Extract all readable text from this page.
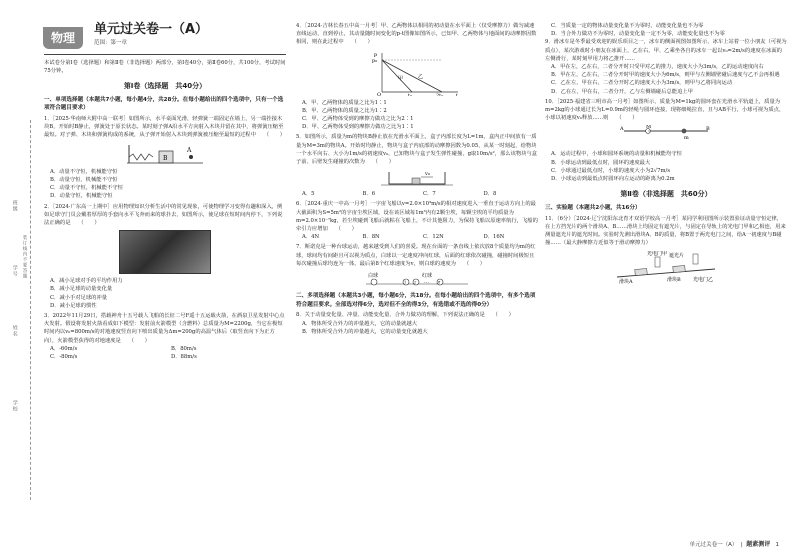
班级
学号
姓名
学校
装订线内不要答题
物理
单元过关卷一（A）
范围：第一章
本试卷分第Ⅰ卷（选择题）和第Ⅱ卷（非选择题）两部分，第Ⅰ卷40分，第Ⅱ卷60分，共100分，考试时间75分钟。
第Ⅰ卷（选择题　共40分）
一、单项选择题（本题共7小题，每小题4分，共28分。在每小题给出的四个选项中，只有一个选项符合题目要求）
1．［2025·华南师大附中高一联考］如图所示，水平桌面光滑，轻弹簧一端固定在墙上，另一端拴接木块B，开始时B静止，弹簧处于原长状态。某时刻子弹A沿水平方向射入木块并留在其中，将弹簧压缩至最短。对子弹、木块和弹簧构成的系统，从子弹开始射入木块到弹簧被压缩至最短的过程中　　（　　）
B
A
A．动量不守恒，机械能守恒
B．动量守恒，机械能不守恒
C．动量不守恒，机械能不守恒
D．动量守恒，机械能守恒
2．［2024·广东高一上期中］应用物理知识分析生活中的常见现象，可使物理学习变得有趣和深入，例如足球守门员会戴着厚厚的手套向水平飞奔而来的球扑去，如图所示，使足球在短时间内停下，下列说法正确的是　　（　　）
A．减小足球对手的平均作用力
B．减小足球的动量变化量
C．减小手对足球的冲量
D．减小足球的惯性
3．2022年11月29日，搭载神舟十五号载人飞船的长征二号F遥十五运载火箭，在酒泉卫星发射中心点火发射。假设将发射火箭看成如下模型：发射前火箭模型（含燃料）总质量为M=2200g，当它在极短时间内以v₀=800m/s的对地速度竖直向下喷出质量为Δm=200g的高温气体后（取竖直向下为正方向），火箭模型获得的对地速度是　　（　　）
A．-60m/s	B．80m/s
C．-80m/s	D．88m/s
4．［2024·吉林长春五中高一月考］甲、乙两物体以相同的初动量在水平面上（仅受摩擦力）做匀减速直线运动，直到停止，其动量随时间变化的p-t图像如图所示，已知甲、乙两物体与地面间的动摩擦因数相同，则在此过程中　　（　　）
p
p₀
甲	乙
O	t₀	2t₀	t
A．甲、乙两物体的质量之比为1∶1
B．甲、乙两物体的质量之比为1∶2
C．甲、乙两物体受到的摩擦力做功之比为2∶1
D．甲、乙两物体受到的摩擦力做功之比为1∶1
5．如图所示，质量为m的物块B静止放在光滑水平面上，盒子内部长度为L=1m，盒内正中间放有一质量为M=3m的物块A。开始时均静止，物块与盒子内底部的动摩擦因数为0.05，从某一时刻起，给物块一个水平向右、大小为1m/s的初速度v₀，已知物块与盒子发生弹性碰撞，g取10m/s²，那么该物块与盒子前、后壁发生碰撞的次数为　　（　　）
v₀
A．5	B．6	C．7	D．8
6．［2024·重庆一中高一月考］一宇宙飞船以v=2.0×10³m/s的相对速度进入一垂直于运动方向上的最大截面积为S=5m²的宇宙尘埃区域，设在该区域每1m³内有2颗尘埃，每颗尘埃的平均质量为m=2.0×10⁻⁷kg，若尘埃碰到飞船后就粘在飞船上，不计其他阻力，为保持飞船以原速率航行，飞船的牵引力应增加　　（　　）
A．4N	B．8N	C．12N	D．16N
7．斯诺克是一种台球运动，越来越受到人们的喜爱。现在台面的一条直线上依次放8个质量均为m的红球，球间均有间距且可以视为质点，白球以一定速度冲向红球，后面的红球依次碰撞，碰撞时间极短且每次碰撞后球均连为一体，最后第8个红球速度为v，则白球的速度为　　（　　）
白球
1 2 …	8
红球
二、多项选择题（本题共3小题，每小题6分，共18分。在每小题给出的四个选项中，有多个选项符合题目要求。全部选对得6分，选对但不全的得3分，有选错或不选的得0分）
8．关于动量变化量、冲量、动能变化量、合外力做功的理解，下列说法正确的是　　（　　）
A．物体所受合外力的冲量越大，它的动量就越大
B．物体所受合外力的冲量越大，它的动量变化就越大
C．当质量一定的物体动量变化量不为零时，动能变化量也不为零
D．当合外力做功不为零时，动量变化量一定不为零，动能变化量也不为零
9．滑冰车是冬季最受欢迎的娱乐项目之一，冰车的侧面视图如图所示，冰车上站着一位小朋友（可视为质点），某次游戏时小朋友在冰面上，乙在右，甲、乙乘坐各自的冰车一起以v₀=2m/s的速度在冰面的左侧滑行，某时刻甲用力将乙推开……
A．甲在左，乙在右，二者分开时只受甲对乙的推力，速度大小为3m/s，乙的运动速度向右
B．甲在左，乙在右，二者分开时甲的速度大小为6m/s，则甲与左侧墙壁碰后速度与乙不会再相遇
C．乙在左，甲在右，二者分开时乙的速度大小为3m/s，则甲与乙将同向运动
D．乙在左，甲在右，二者分开，乙与左侧墙碰后总能追上甲
10．［2025·福建省三明市高一月考］如图所示，质量为M=1kg的圆环套在光滑水平轨道上，质量为m=2kg的小球通过长为L=0.9m的轻绳与圆环连接，现将细绳拉直，且与AB平行，小球可视为质点，小球以初速度v₀释放……则　　（　　）
A	M
m
B
A．运动过程中，小球和圆环系统的动量和机械能均守恒
B．小球运动到最低点时，圆环的速度最大
C．小球通过最低点时，小球的速度大小为2√7m/s
D．小球运动到最低点时圆环向左运动的距离为0.2m
第Ⅱ卷（非选择题　共60分）
三、实验题（本题共2小题，共16分）
11．（6分）［2024·辽宁沈阳东北育才双语学校高一月考］某同学利用图所示装置验证动量守恒定律，在上方挡光片的两个滑块A、B……滑块上均固定有遮光片，与固定在导轨上的光电门甲和乙相连，用来测量遮光片的遮光时间。实验时先测出滑块A、B的质量，将B置于两光电门之间，给A一初速度与B碰撞……（最大静摩擦力近似等于滑动摩擦力）
遮光片
光电门甲
光电门乙
滑块A	滑块B
单元过关卷一（A）  |  题素测评 1
